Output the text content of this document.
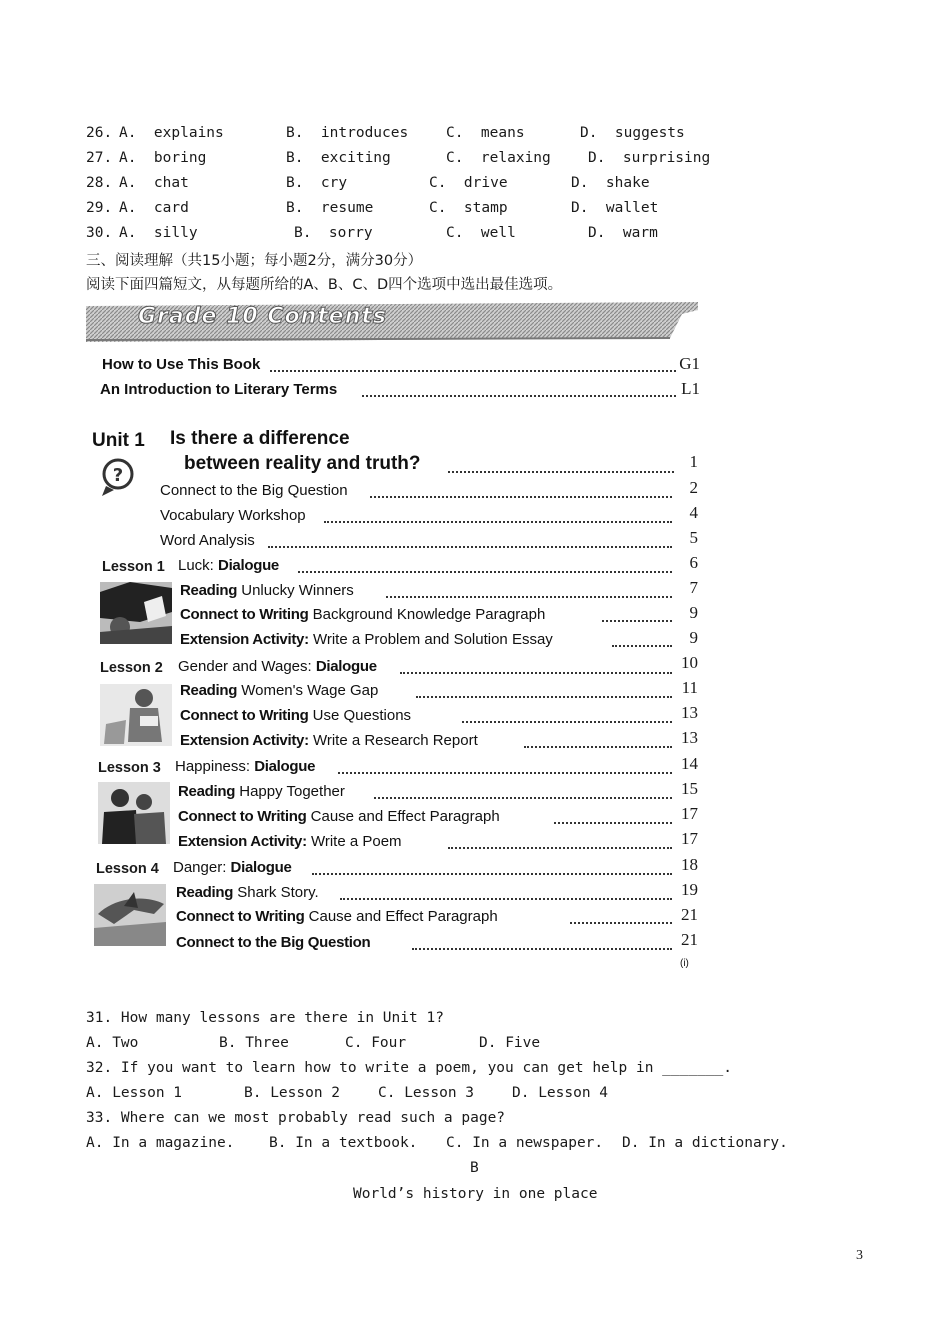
26. A.  explains	B.  introduces	C.  means	D.  suggests
27. A.  boring	B.  exciting	C.  relaxing	D.  surprising
28. A.  chat	B.  cry	C.  drive	D.  shake
29. A.  card	B.  resume	C.  stamp	D.  wallet
30. A.  silly	B.  sorry	C.  well	D.  warm
三、阅读理解（共15小题；每小题2分，满分30分）
阅读下面四篇短文，从每题所给的A、B、C、D四个选项中选出最佳选项。
Grade 10 Contents
How to Use This Book	G1
An Introduction to Literary Terms	L1
Unit 1 Is there a difference
between reality and truth?	1
?
Connect to the Big Question	2
Vocabulary Workshop	4
Word Analysis	5
Lesson 1 Luck: Dialogue	6
Reading Unlucky Winners	7
Connect to Writing Background Knowledge Paragraph	9
Extension Activity: Write a Problem and Solution Essay	9
Lesson 2 Gender and Wages: Dialogue	10
Reading Women's Wage Gap	11
Connect to Writing Use Questions	13
Extension Activity: Write a Research Report	13
Lesson 3 Happiness: Dialogue	14
Reading Happy Together	15
Connect to Writing Cause and Effect Paragraph	17
Extension Activity: Write a Poem	17
Lesson 4 Danger: Dialogue	18
Reading Shark Story.	19
Connect to Writing Cause and Effect Paragraph	21
Connect to the Big Question	21
(i)
31. How many lessons are there in Unit 1?
A. Two	B. Three	C. Four	D. Five
32. If you want to learn how to write a poem, you can get help in _______.
A. Lesson 1	B. Lesson 2	C. Lesson 3	D. Lesson 4
33. Where can we most probably read such a page?
A. In a magazine. B. In a textbook. C. In a newspaper. D. In a dictionary.
B
World’s history in one place
3
